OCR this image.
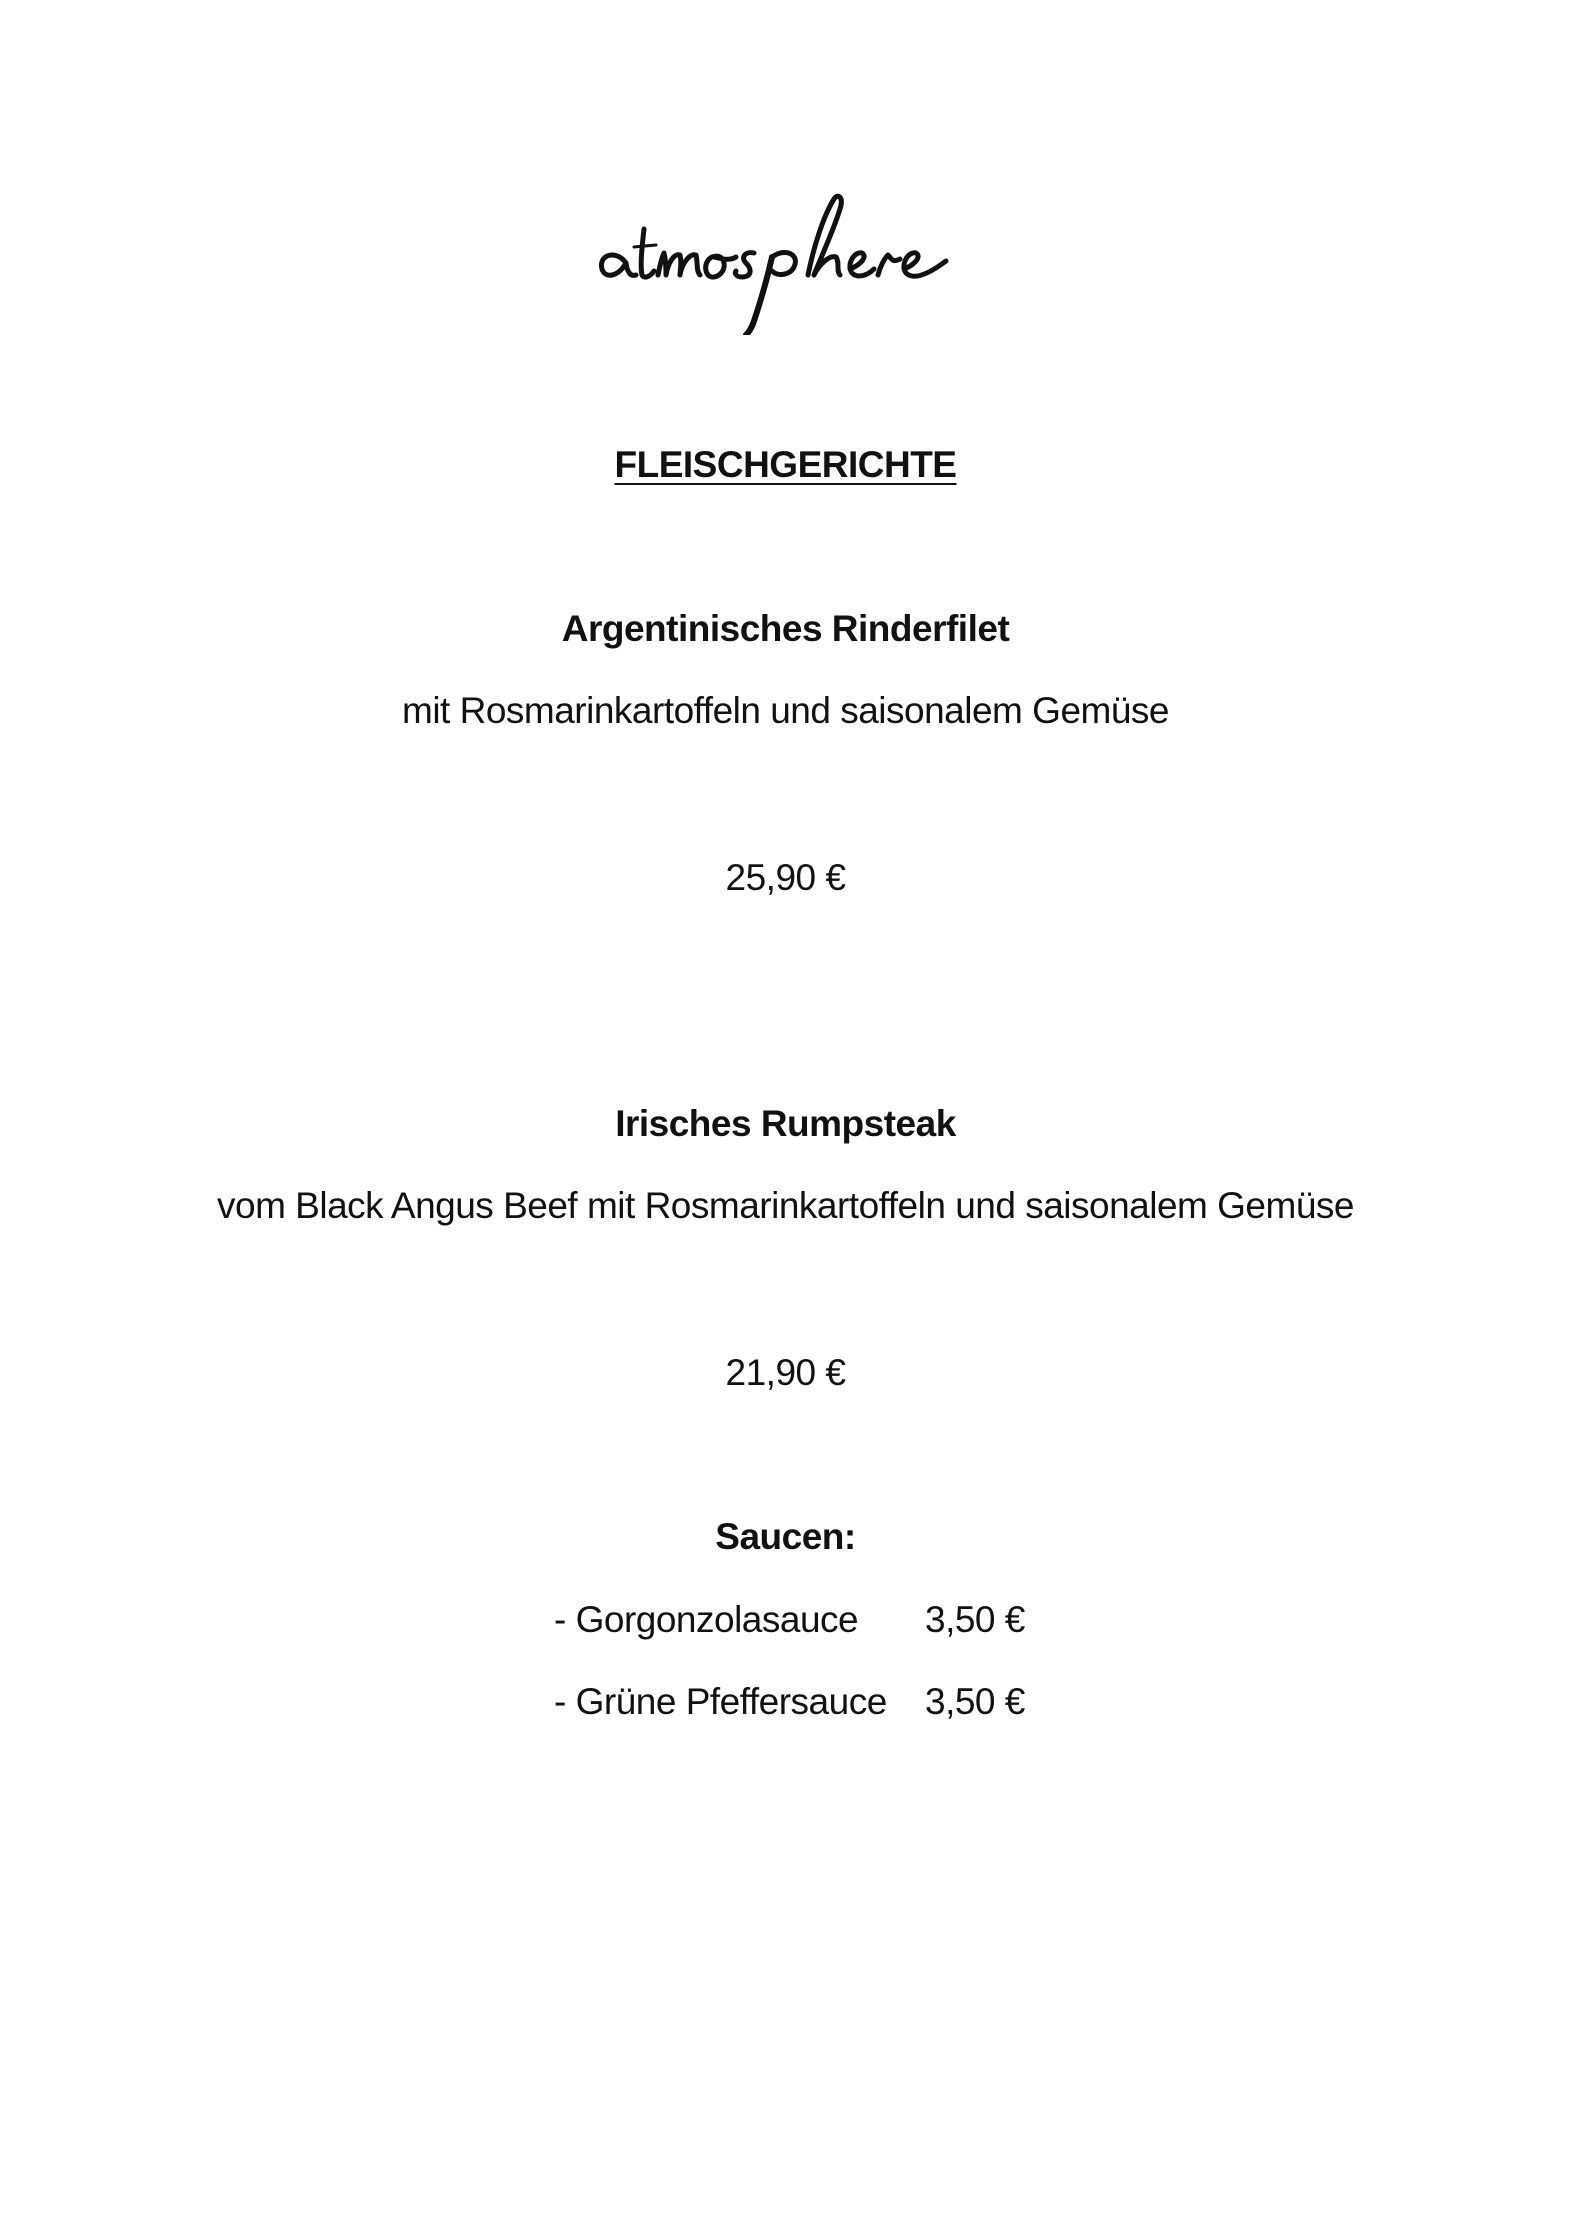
FLEISCHGERICHTE
Argentinisches Rinderfilet
mit Rosmarinkartoffeln und saisonalem Gemüse
25,90 €
Irisches Rumpsteak
vom Black Angus Beef mit Rosmarinkartoffeln und saisonalem Gemüse
21,90 €
Saucen:
- Gorgonzolasauce 3,50 €
- Grüne Pfeffersauce 3,50 €
